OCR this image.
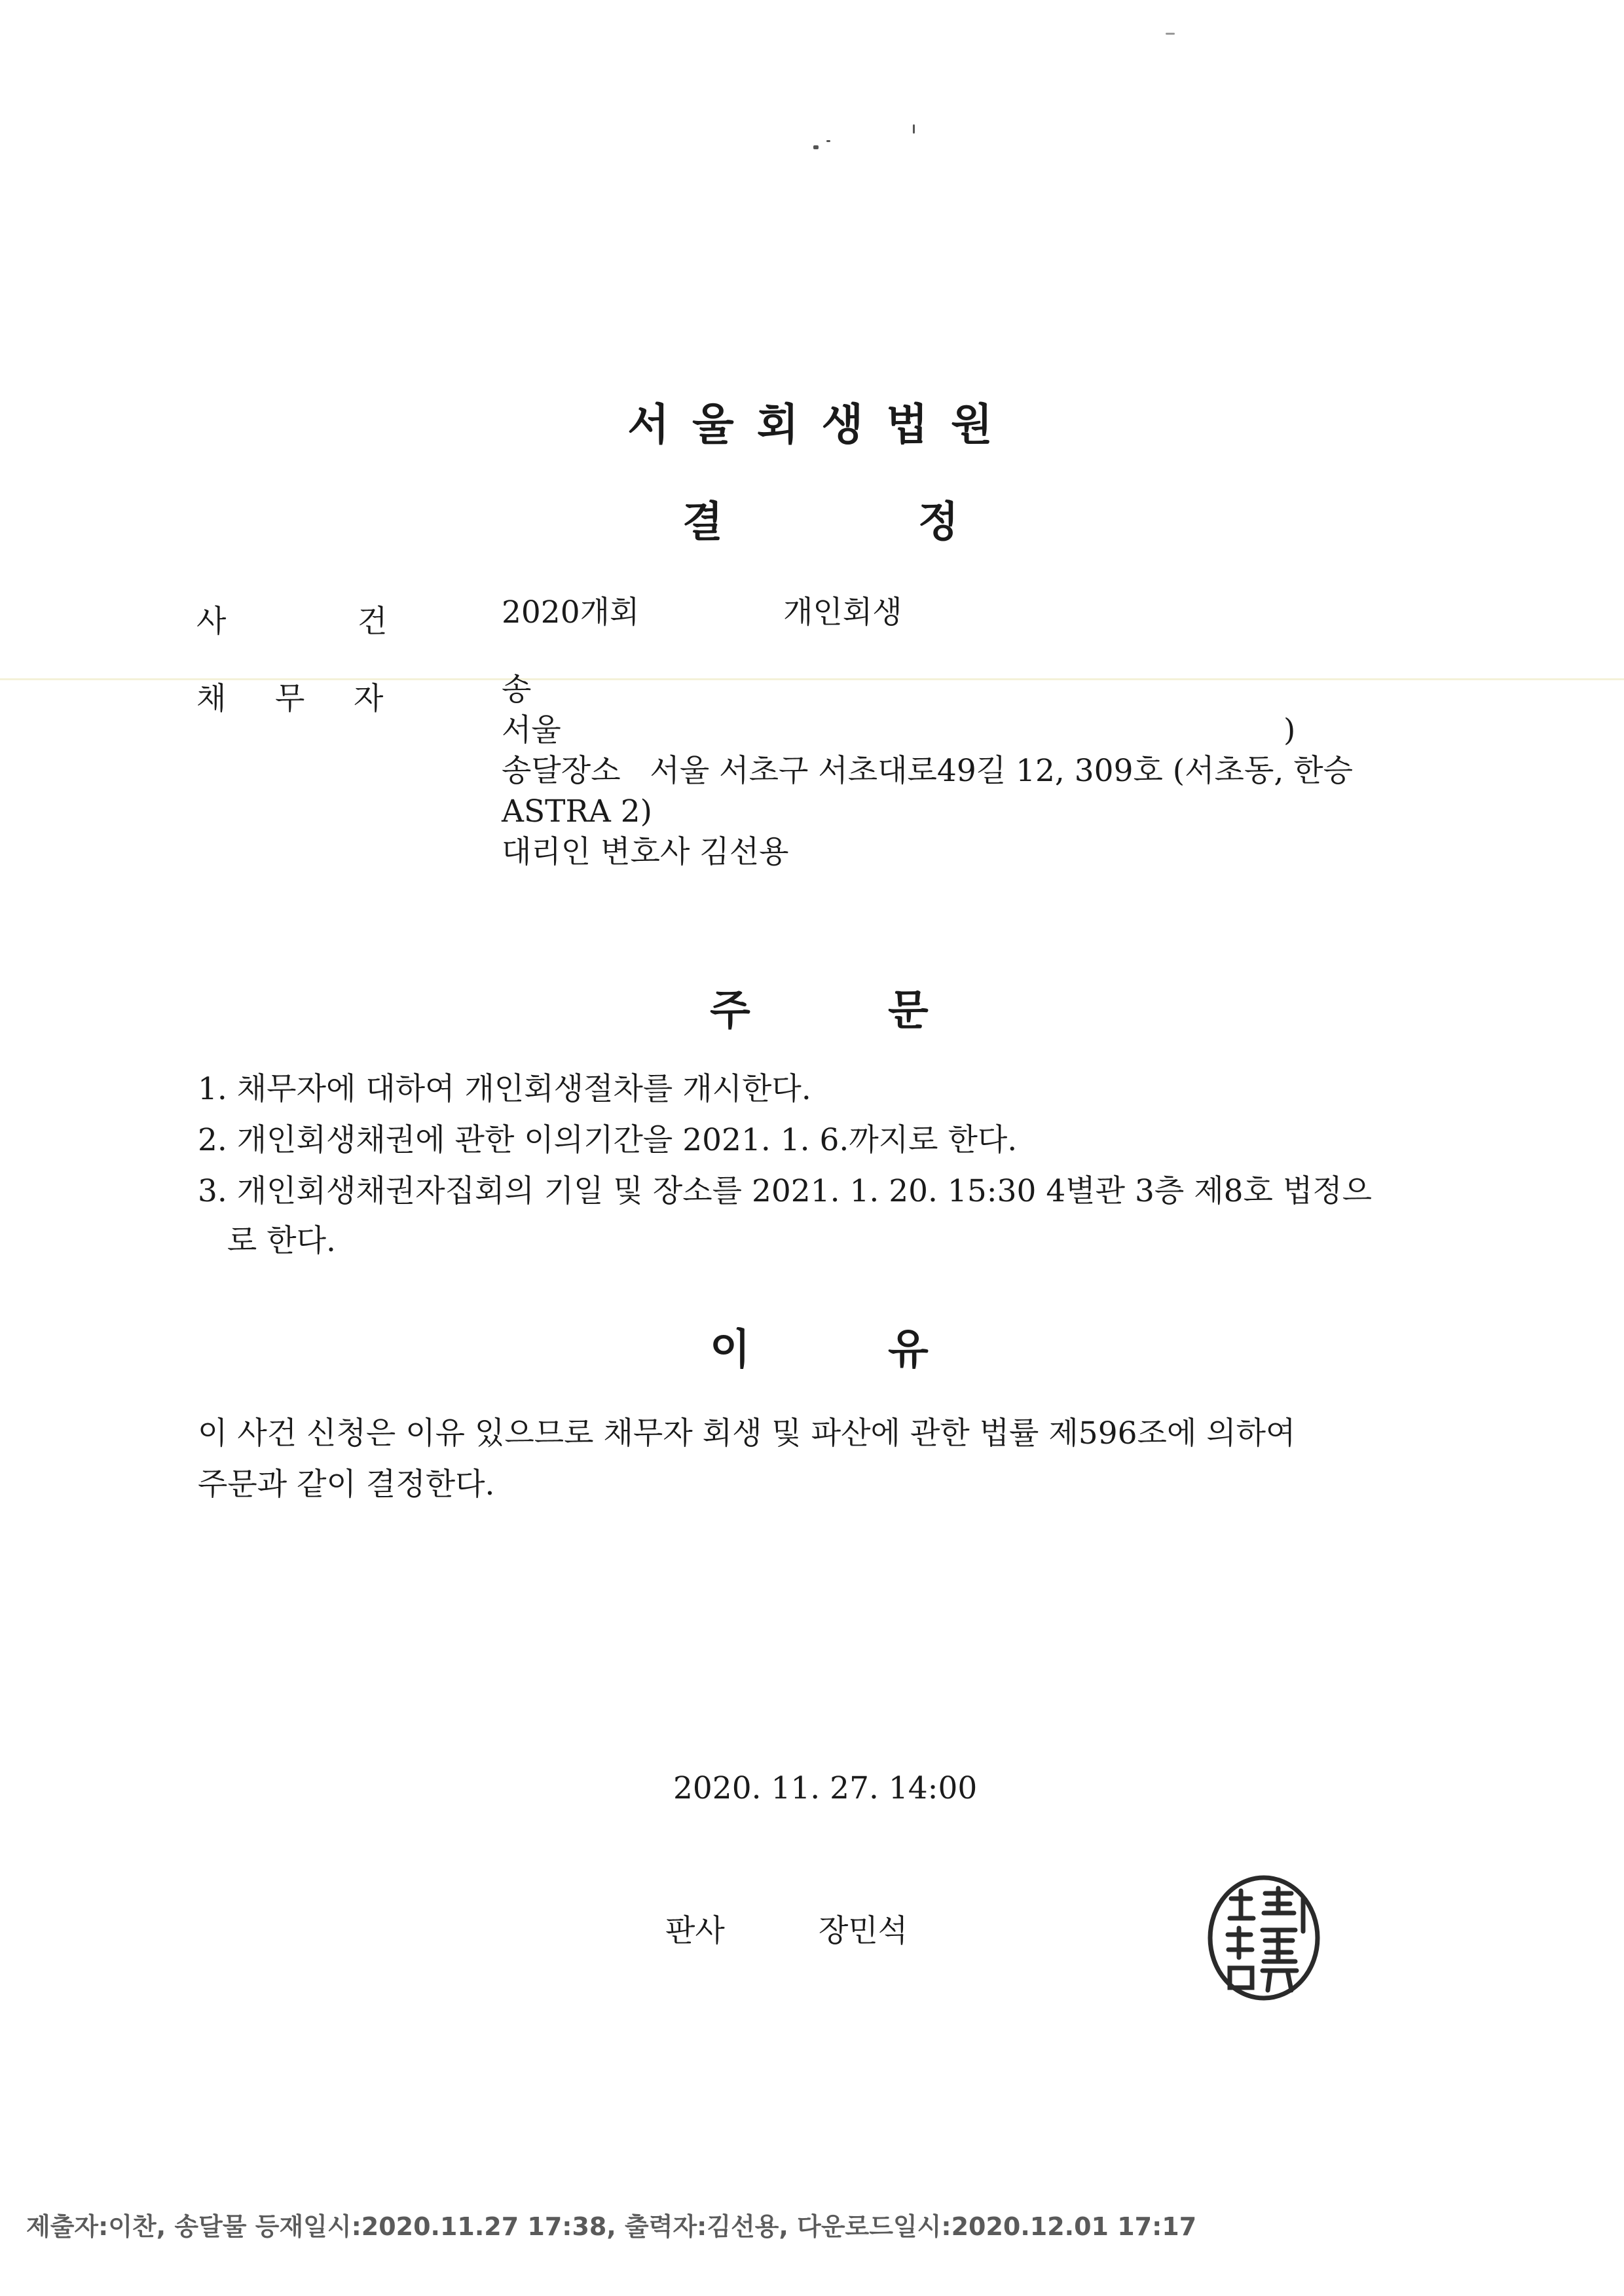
서 울 회 생 법 원
결	정
사	건	2020개회	개인회생
채 무 자	송
서울	)
송달장소   서울 서초구 서초대로49길 12, 309호 (서초동, 한승
ASTRA 2)
대리인 변호사 김선용
주	문
1. 채무자에 대하여 개인회생절차를 개시한다.
2. 개인회생채권에 관한 이의기간을 2021. 1. 6.까지로 한다.
3. 개인회생채권자집회의 기일 및 장소를 2021. 1. 20. 15:30 4별관 3층 제8호 법정으
로 한다.
이	유
이 사건 신청은 이유 있으므로 채무자 회생 및 파산에 관한 법률 제596조에 의하여
주문과 같이 결정한다.
2020. 11. 27. 14:00
판사	장민석
제출자:이찬, 송달물 등재일시:2020.11.27 17:38, 출력자:김선용, 다운로드일시:2020.12.01 17:17
